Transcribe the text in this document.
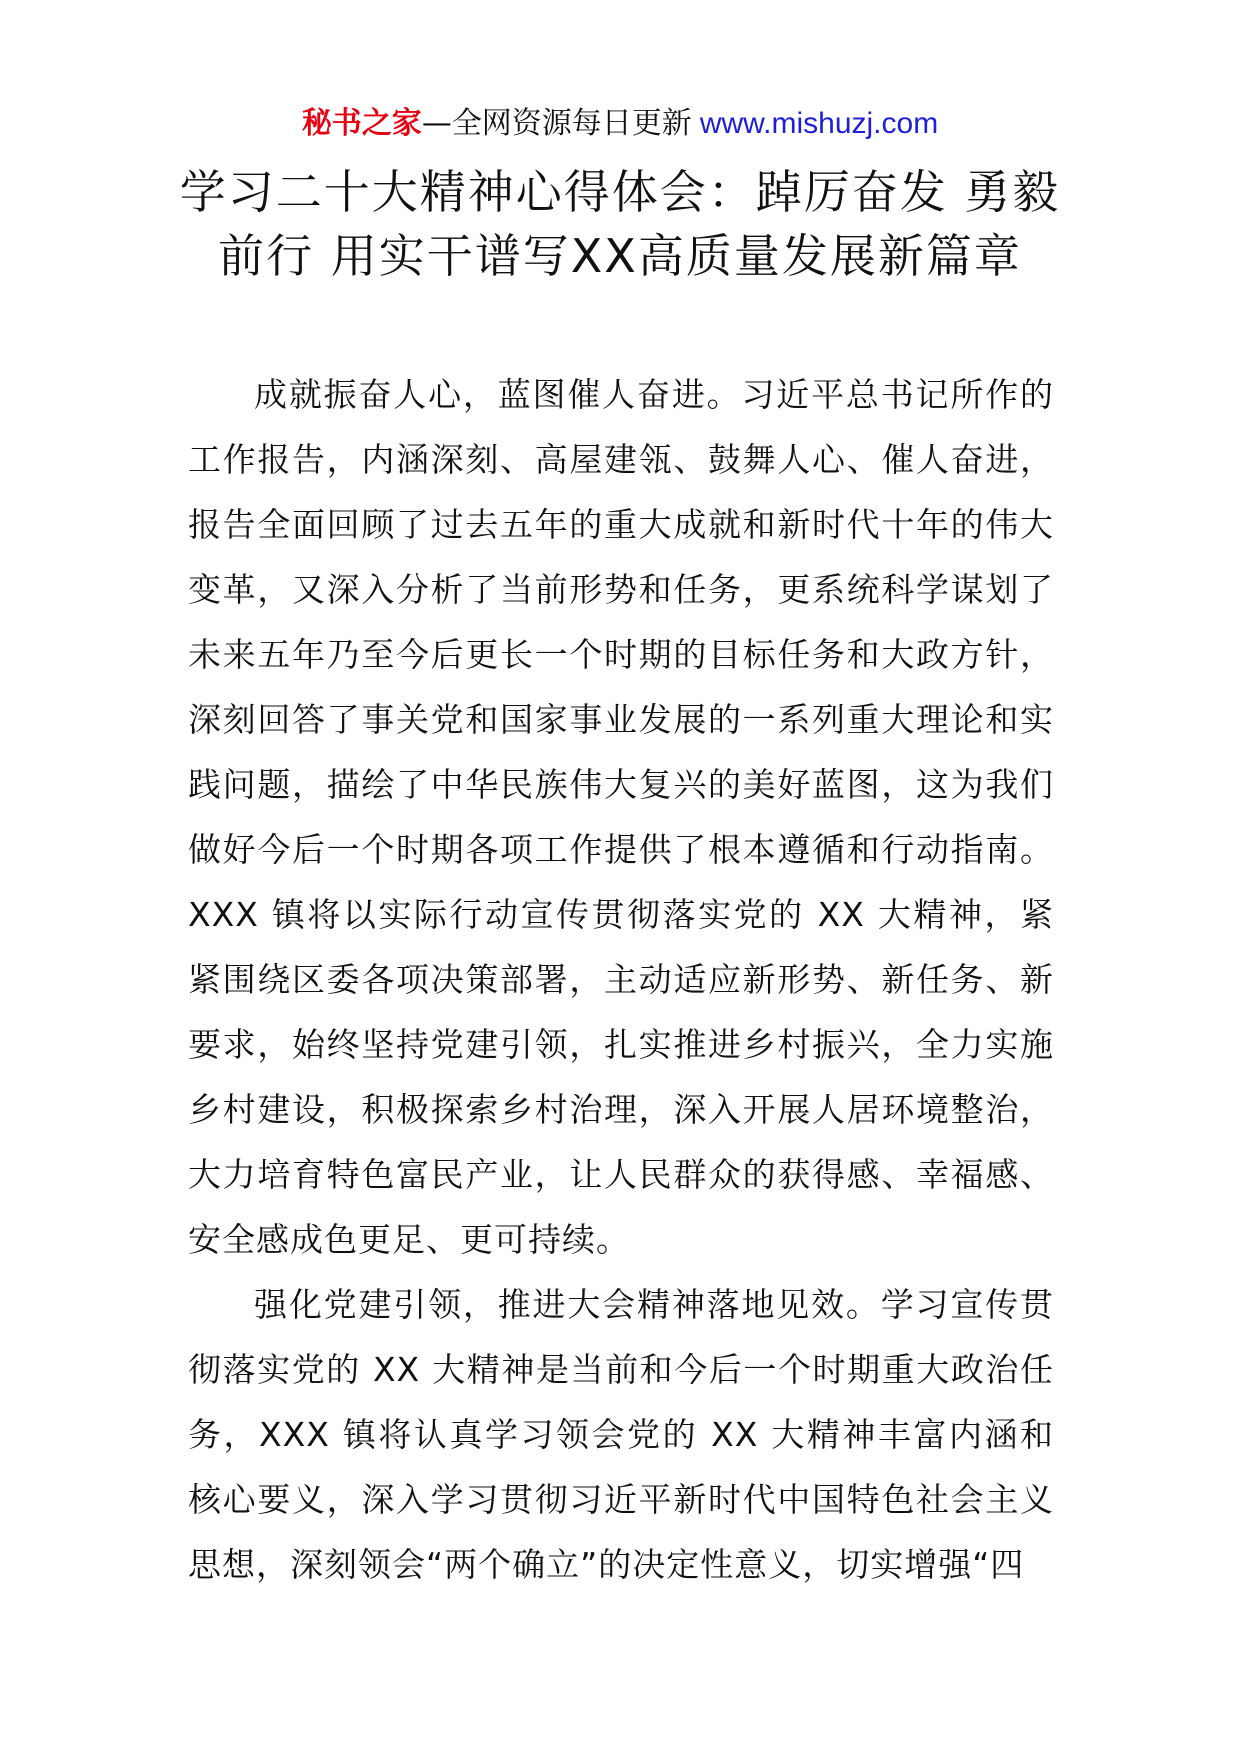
秘书之家—全网资源每日更新 www.mishuzj.com
学习二十大精神心得体会：踔厉奋发 勇毅
前行 用实干谱写XX高质量发展新篇章

成就振奋人心，蓝图催人奋进。习近平总书记所作的工作报告，内涵深刻、高屋建瓴、鼓舞人心、催人奋进，报告全面回顾了过去五年的重大成就和新时代十年的伟大变革，又深入分析了当前形势和任务，更系统科学谋划了未来五年乃至今后更长一个时期的目标任务和大政方针，深刻回答了事关党和国家事业发展的一系列重大理论和实践问题，描绘了中华民族伟大复兴的美好蓝图，这为我们做好今后一个时期各项工作提供了根本遵循和行动指南。XXX 镇将以实际行动宣传贯彻落实党的 XX 大精神，紧紧围绕区委各项决策部署，主动适应新形势、新任务、新要求，始终坚持党建引领，扎实推进乡村振兴，全力实施乡村建设，积极探索乡村治理，深入开展人居环境整治，大力培育特色富民产业，让人民群众的获得感、幸福感、安全感成色更足、更可持续。

强化党建引领，推进大会精神落地见效。学习宣传贯彻落实党的 XX 大精神是当前和今后一个时期重大政治任务，XXX 镇将认真学习领会党的 XX 大精神丰富内涵和核心要义，深入学习贯彻习近平新时代中国特色社会主义思想，深刻领会“两个确立”的决定性意义，切实增强“四
